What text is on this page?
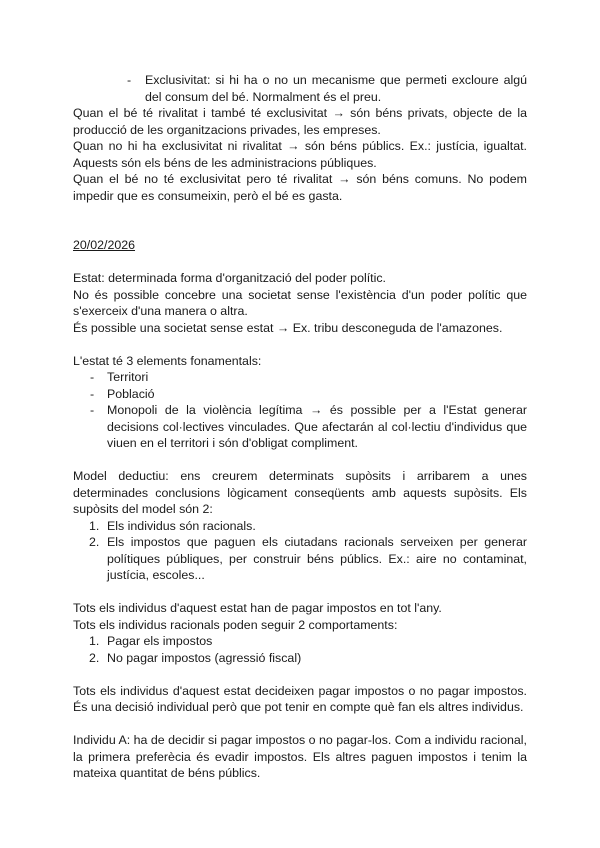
- Exclusivitat: si hi ha o no un mecanisme que permeti excloure algú del consum del bé. Normalment és el preu.

Quan el bé té rivalitat i també té exclusivitat → són béns privats, objecte de la producció de les organitzacions privades, les empreses.

Quan no hi ha exclusivitat ni rivalitat → són béns públics. Ex.: justícia, igualtat. Aquests són els béns de les administracions públiques.

Quan el bé no té exclusivitat pero té rivalitat → són béns comuns. No podem impedir que es consumeixin, però el bé es gasta.

20/02/2026

Estat: determinada forma d'organització del poder polític.

No és possible concebre una societat sense l'existència d'un poder polític que s'exerceix d'una manera o altra.

És possible una societat sense estat → Ex. tribu desconeguda de l'amazones.

L'estat té 3 elements fonamentals:

- Territori
- Població
- Monopoli de la violència legítima → és possible per a l'Estat generar decisions col·lectives vinculades. Que afectarán al col·lectiu d'individus que viuen en el territori i són d'obligat compliment.

Model deductiu: ens creurem determinats supòsits i arribarem a unes determinades conclusions lògicament conseqüents amb aquests supòsits. Els supòsits del model són 2:

1. Els individus són racionals.
2. Els impostos que paguen els ciutadans racionals serveixen per generar polítiques públiques, per construir béns públics. Ex.: aire no contaminat, justícia, escoles...

Tots els individus d'aquest estat han de pagar impostos en tot l'any.

Tots els individus racionals poden seguir 2 comportaments:

1. Pagar els impostos
2. No pagar impostos (agressió fiscal)

Tots els individus d'aquest estat decideixen pagar impostos o no pagar impostos. És una decisió individual però que pot tenir en compte què fan els altres individus.

Individu A: ha de decidir si pagar impostos o no pagar-los. Com a individu racional, la primera preferècia és evadir impostos. Els altres paguen impostos i tenim la mateixa quantitat de béns públics.
